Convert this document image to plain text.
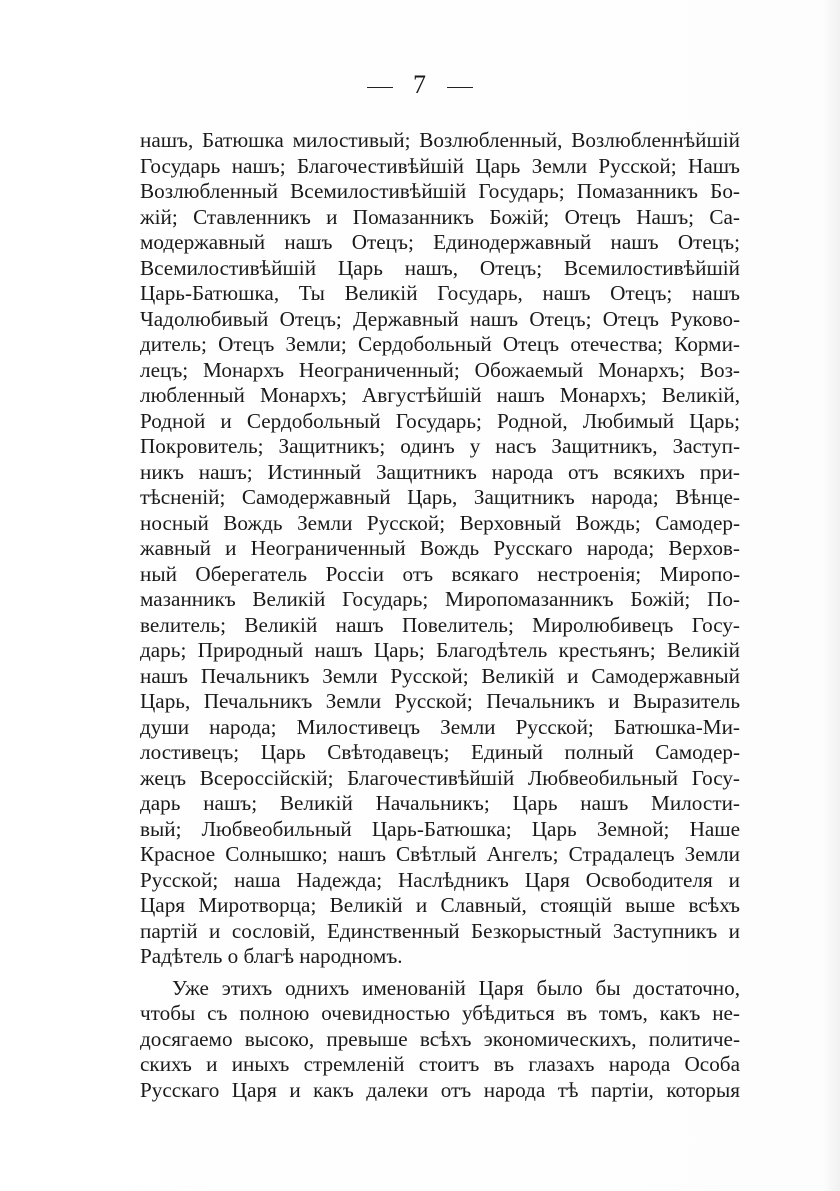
7
нашъ, Батюшка милостивый; Возлюбленный, Возлюбленнѣйшій
Государь нашъ; Благочестивѣйшій Царь Земли Русской; Нашъ
Возлюбленный Всемилостивѣйшій Государь; Помазанникъ Бо-
жій; Ставленникъ и Помазанникъ Божій; Отецъ Нашъ; Са-
модержавный нашъ Отецъ; Единодержавный нашъ Отецъ;
Всемилостивѣйшій Царь нашъ, Отецъ; Всемилостивѣйшій
Царь-Батюшка, Ты Великій Государь, нашъ Отецъ; нашъ
Чадолюбивый Отецъ; Державный нашъ Отецъ; Отецъ Руково-
дитель; Отецъ Земли; Сердобольный Отецъ отечества; Корми-
лецъ; Монархъ Неограниченный; Обожаемый Монархъ; Воз-
любленный Монархъ; Августѣйшій нашъ Монархъ; Великій,
Родной и Сердобольный Государь; Родной, Любимый Царь;
Покровитель; Защитникъ; одинъ у насъ Защитникъ, Заступ-
никъ нашъ; Истинный Защитникъ народа отъ всякихъ при-
тѣсненій; Самодержавный Царь, Защитникъ народа; Вѣнце-
носный Вождь Земли Русской; Верховный Вождь; Самодер-
жавный и Неограниченный Вождь Русскаго народа; Верхов-
ный Оберегатель Россіи отъ всякаго нестроенія; Миропо-
мазанникъ Великій Государь; Миропомазанникъ Божій; По-
велитель; Великій нашъ Повелитель; Миролюбивецъ Госу-
дарь; Природный нашъ Царь; Благодѣтель крестьянъ; Великій
нашъ Печальникъ Земли Русской; Великій и Самодержавный
Царь, Печальникъ Земли Русской; Печальникъ и Выразитель
души народа; Милостивецъ Земли Русской; Батюшка-Ми-
лостивецъ; Царь Свѣтодавецъ; Единый полный Самодер-
жецъ Всероссійскій; Благочестивѣйшій Любвеобильный Госу-
дарь нашъ; Великій Начальникъ; Царь нашъ Милости-
вый; Любвеобильный Царь-Батюшка; Царь Земной; Наше
Красное Солнышко; нашъ Свѣтлый Ангелъ; Страдалецъ Земли
Русской; наша Надежда; Наслѣдникъ Царя Освободителя и
Царя Миротворца; Великій и Славный, стоящій выше всѣхъ
партій и сословій, Единственный Безкорыстный Заступникъ и
Радѣтель о благѣ народномъ.
Уже этихъ однихъ именованій Царя было бы достаточно,
чтобы съ полною очевидностью убѣдиться въ томъ, какъ не-
досягаемо высоко, превыше всѣхъ экономическихъ, политиче-
скихъ и иныхъ стремленій стоитъ въ глазахъ народа Особа
Русскаго Царя и какъ далеки отъ народа тѣ партіи, которыя
